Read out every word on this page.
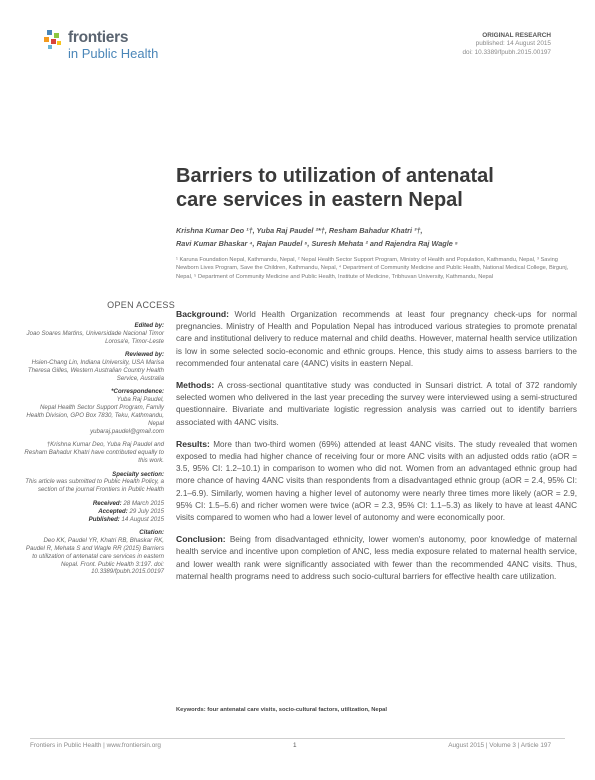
frontiers
in Public Health
ORIGINAL RESEARCH
published: 14 August 2015
doi: 10.3389/fpubh.2015.00197
Barriers to utilization of antenatal
care services in eastern Nepal
Krishna Kumar Deo ¹†, Yuba Raj Paudel ²*†, Resham Bahadur Khatri ³†,
Ravi Kumar Bhaskar ⁴, Rajan Paudel ⁵, Suresh Mehata ² and Rajendra Raj Wagle ⁵
¹ Karuna Foundation Nepal, Kathmandu, Nepal, ² Nepal Health Sector Support Program, Ministry of Health and Population, Kathmandu, Nepal, ³ Saving Newborn Lives Program, Save the Children, Kathmandu, Nepal, ⁴ Department of Community Medicine and Public Health, National Medical College, Birgunj, Nepal, ⁵ Department of Community Medicine and Public Health, Institute of Medicine, Tribhuvan University, Kathmandu, Nepal
OPEN ACCESS
Edited by:
Joao Soares Martins, Universidade Nacional Timor Lorosa'e, Timor-Leste
Reviewed by:
Hsien-Chang Lin, Indiana University, USA Marisa Theresa Gilles, Western Australian Country Health Service, Australia
*Correspondence:
Yuba Raj Paudel,
Nepal Health Sector Support Program, Family Health Division, GPO Box 7830, Teku, Kathmandu, Nepal
yubaraj.paudel@gmail.com
†Krishna Kumar Deo, Yuba Raj Paudel and Resham Bahadur Khatri have contributed equally to this work.
Specialty section:
This article was submitted to Public Health Policy, a section of the journal Frontiers in Public Health
Received: 28 March 2015
Accepted: 29 July 2015
Published: 14 August 2015
Citation:
Deo KK, Paudel YR, Khatri RB, Bhaskar RK, Paudel R, Mehata S and Wagle RR (2015) Barriers to utilization of antenatal care services in eastern Nepal. Front. Public Health 3:197. doi: 10.3389/fpubh.2015.00197

Background: World Health Organization recommends at least four pregnancy check-ups for normal pregnancies. Ministry of Health and Population Nepal has introduced various strategies to promote prenatal care and institutional delivery to reduce maternal and child deaths. However, maternal health service utilization is low in some selected socio-economic and ethnic groups. Hence, this study aims to assess barriers to the recommended four antenatal care (4ANC) visits in eastern Nepal.

Methods: A cross-sectional quantitative study was conducted in Sunsari district. A total of 372 randomly selected women who delivered in the last year preceding the survey were interviewed using a semi-structured questionnaire. Bivariate and multivariate logistic regression analysis was carried out to identify barriers associated with 4ANC visits.

Results: More than two-third women (69%) attended at least 4ANC visits. The study revealed that women exposed to media had higher chance of receiving four or more ANC visits with an adjusted odds ratio (aOR = 3.5, 95% CI: 1.2–10.1) in comparison to women who did not. Women from an advantaged ethnic group had more chance of having 4ANC visits than respondents from a disadvantaged ethnic group (aOR = 2.4, 95% CI: 2.1–6.9). Similarly, women having a higher level of autonomy were nearly three times more likely (aOR = 2.9, 95% CI: 1.5–5.6) and richer women were twice (aOR = 2.3, 95% CI: 1.1–5.3) as likely to have at least 4ANC visits compared to women who had a lower level of autonomy and were economically poor.

Conclusion: Being from disadvantaged ethnicity, lower women's autonomy, poor knowledge of maternal health service and incentive upon completion of ANC, less media exposure related to maternal health service, and lower wealth rank were significantly associated with fewer than the recommended 4ANC visits. Thus, maternal health programs need to address such socio-cultural barriers for effective health care utilization.

Keywords: four antenatal care visits, socio-cultural factors, utilization, Nepal
Frontiers in Public Health | www.frontiersin.org	1	August 2015 | Volume 3 | Article 197
